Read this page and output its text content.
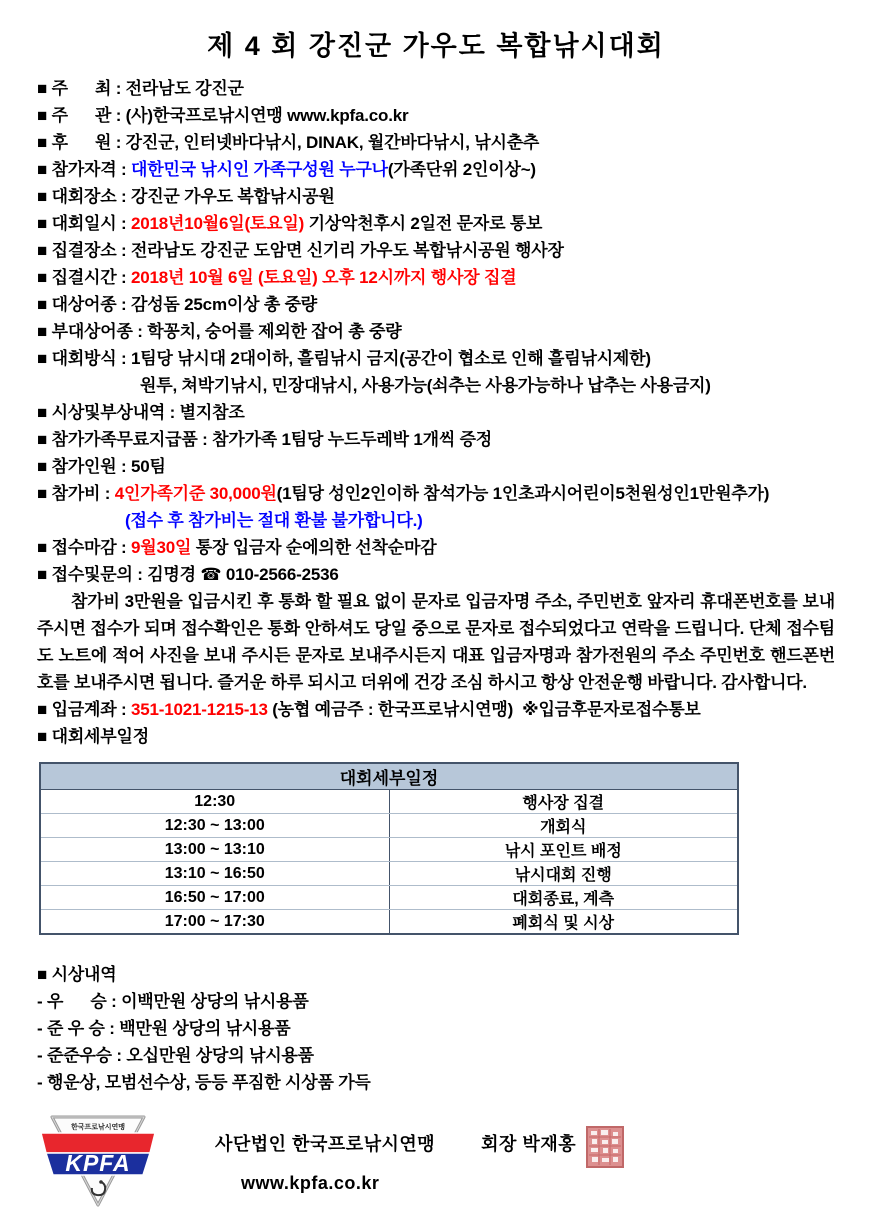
제 4 회 강진군 가우도 복합낚시대회
■ 주      최 : 전라남도 강진군
■ 주      관 : (사)한국프로낚시연맹 www.kpfa.co.kr
■ 후      원 : 강진군, 인터넷바다낚시, DINAK, 월간바다낚시, 낚시춘추
■ 참가자격 : 대한민국 낚시인 가족구성원 누구나(가족단위 2인이상~)
■ 대회장소 : 강진군 가우도 복합낚시공원
■ 대회일시 : 2018년10월6일(토요일) 기상악천후시 2일전 문자로 통보
■ 집결장소 : 전라남도 강진군 도암면 신기리 가우도 복합낚시공원 행사장
■ 집결시간 : 2018년 10월 6일 (토요일) 오후 12시까지 행사장 집결
■ 대상어종 : 감성돔 25cm이상 총 중량
■ 부대상어종 : 학꽁치, 숭어를 제외한 잡어 총 중량
■ 대회방식 : 1팀당 낚시대 2대이하, 흘림낚시 금지(공간이 협소로 인해 흘림낚시제한)
원투, 쳐박기낚시, 민장대낚시, 사용가능(쇠추는 사용가능하나 납추는 사용금지)
■ 시상및부상내역 : 별지참조
■ 참가가족무료지급품 : 참가가족 1팀당 누드두레박 1개씩 증정
■ 참가인원 : 50팀
■ 참가비 : 4인가족기준 30,000원(1팀당 성인2인이하 참석가능 1인초과시어린이5천원성인1만원추가)
(접수 후 참가비는 절대 환불 불가합니다.)
■ 접수마감 : 9월30일 통장 입금자 순에의한 선착순마감
■ 접수및문의 : 김명경 ☎ 010-2566-2536

참가비 3만원을 입금시킨 후 통화 할 필요 없이 문자로 입금자명 주소, 주민번호 앞자리 휴대폰번호를 보내주시면 접수가 되며 접수확인은 통화 안하셔도 당일 중으로 문자로 접수되었다고 연락을 드립니다. 단체 접수팀도 노트에 적어 사진을 보내 주시든 문자로 보내주시든지 대표 입금자명과 참가전원의 주소 주민번호 핸드폰번호를 보내주시면 됩니다. 즐거운 하루 되시고 더위에 건강 조심 하시고 항상 안전운행 바랍니다. 감사합니다.

■ 입금계좌 : 351-1021-1215-13 (농협 예금주 : 한국프로낚시연맹)  ※입금후문자로접수통보
■ 대회세부일정
대회세부일정	
12:30	행사장 집결
12:30 ~ 13:00	개회식
13:00 ~ 13:10	낚시 포인트 배정
13:10 ~ 16:50	낚시대회 진행
16:50 ~ 17:00	대회종료, 계측
17:00 ~ 17:30	폐회식 및 시상
■ 시상내역
- 우      승 : 이백만원 상당의 낚시용품
- 준 우 승 : 백만원 상당의 낚시용품
- 준준우승 : 오십만원 상당의 낚시용품
- 행운상, 모범선수상, 등등 푸짐한 시상품 가득
한국프로낚시연맹
KPFA
사단법인 한국프로낚시연맹	회장 박재홍
www.kpfa.co.kr
